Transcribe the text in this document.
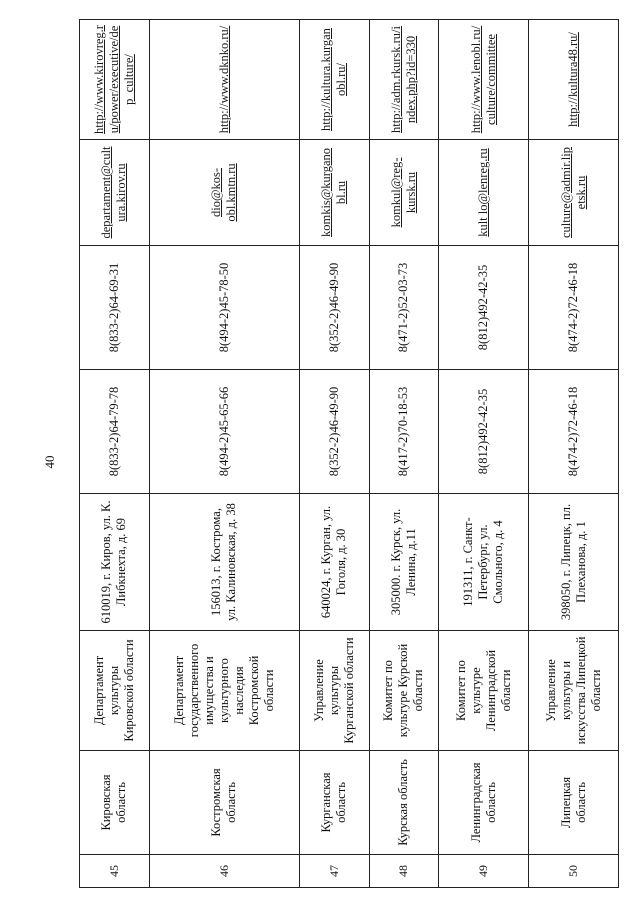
40
45	Кировская область	Департамент культуры Кировской области	610019, г. Киров, ул. К. Либкнехта, д. 69	8(833-2)64-79-78	8(833-2)64-69-31	departament@cultura.kirov.ru	http://www.kirovreg.ru/power/executive/dep_culture/
46	Костромская область	Департамент государственного имущества и культурного наследия Костромской области	156013, г. Кострома, ул. Калиновская, д. 38	8(494-2)45-65-66	8(494-2)45-78-50	dio@kos-obl.kmtn.ru	http://www.dknko.ru/
47	Курганская область	Управление культуры Курганской области	640024, г. Курган, ул. Гоголя, д. 30	8(352-2)46-49-90	8(352-2)46-49-90	komkis@kurganobl.ru	http://kultura.kurganobl.ru/
48	Курская область	Комитет по культуре Курской области	305000. г. Курск, ул. Ленина, д.11	8(417-2)70-18-53	8(471-2)52-03-73	komkul@reg-kursk.ru	http://adm.rkursk.ru/index.php?id=330
49	Ленинградская область	Комитет по культуре Ленинградской области	191311, г. Санкт-Петербург, ул. Смольного, д. 4	8(812)492-42-35	8(812)492-42-35	kult lo@lenreg.ru	http://www.lenobl.ru/culture/committee
50	Липецкая область	Управление культуры и искусства Липецкой области	398050, г. Липецк, пл. Плеханова, д. 1	8(474-2)72-46-18	8(474-2)72-46-18	culture@admir.lipetsk.ru	http://kultura48.ru/
